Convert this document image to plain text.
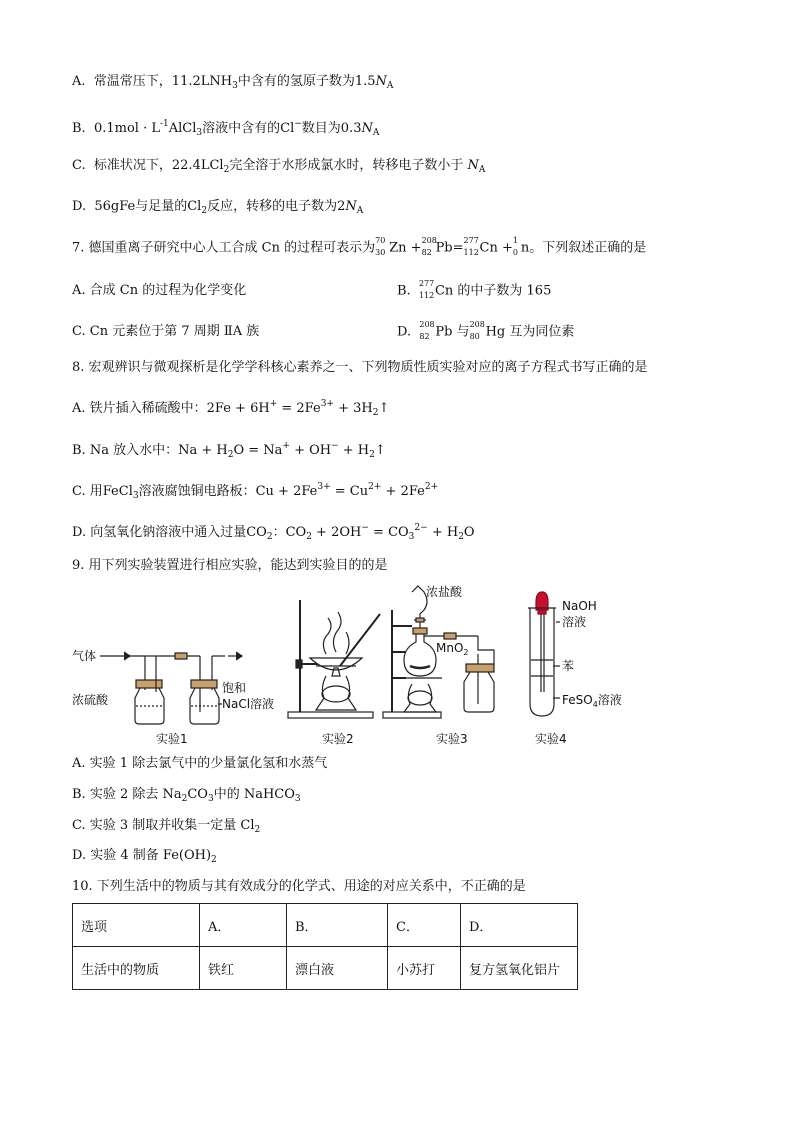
A. 常温常压下，$11.2LNH_3$中含有的氢原子数为$1.5N_A$
B. $0.1mol \cdot L^{-1}AlCl_3$溶液中含有的Cl−数目为$0.3N_A$
C. 标准状况下，22.4LCl$_2$完全溶于水形成氯水时，转移电子数小于 $N_A$
D. 56gFe与足量的$Cl_2$反应，转移的电子数为$2N_A$
7. 德国重离子研究中心人工合成 Cn 的过程可表示为 70
30 Zn + 208
82 Pb= 277
112 Cn + 1
0 n。下列叙述正确的是
A. 合成 Cn 的过程为化学变化	B. 277
112 Cn 的中子数为 165
C. Cn 元素位于第 7 周期 ⅡA 族	D. 208
82 Pb 与 208
80 Hg 互为同位素
8. 宏观辨识与微观探析是化学学科核心素养之一、下列物质性质实验对应的离子方程式书写正确的是
A. 铁片插入稀硫酸中：$2Fe + 6H^+ = 2Fe^{3+}$ + $3H_2↑$
B. Na 放入水中：$Na + H_2O = Na^+ + OH^-$ + $H_2↑$
C. 用FeCl$_3$溶液腐蚀铜电路板：$Cu + 2Fe^{3+} = Cu^{2+} + 2Fe^{2+}$
D. 向氢氧化钠溶液中通入过量$CO_2$：$CO_2 + 2OH^- = CO_3^{2-} + H_2O$
9. 用下列实验装置进行相应实验，能达到实验目的的是
气体
浓硫酸
饱和
NaCl溶液
实验1	实验2
浓盐酸
MnO$_2$
实验3
NaOH
溶液
苯
FeSO$_4$溶液
实验4
A. 实验 1 除去氯气中的少量氯化氢和水蒸气
B. 实验 2 除去 $Na_2CO_3$中的 NaHCO$_3$
C. 实验 3 制取并收集一定量 $Cl_2$
D. 实验 4 制备 $Fe(OH)_2$
10. 下列生活中的物质与其有效成分的化学式、用途的对应关系中，不正确的是
选项	A．	B．	C．	D．
生活中的物质	铁红	漂白液	小苏打	复方氢氧化铝片
